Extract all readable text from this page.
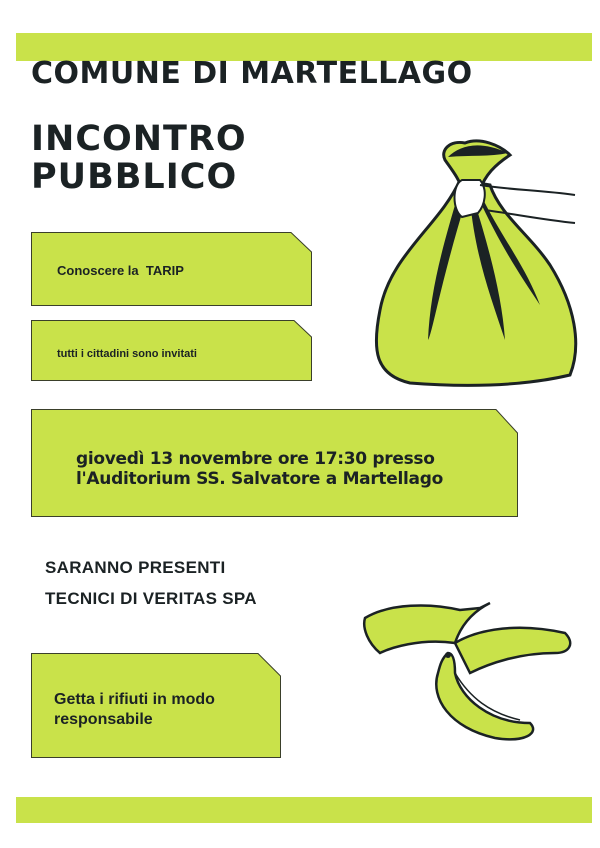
COMUNE DI MARTELLAGO
INCONTRO
PUBBLICO
Conoscere la  TARIP
tutti i cittadini sono invitati
giovedì 13 novembre ore 17:30 presso
l'Auditorium SS. Salvatore a Martellago
SARANNO PRESENTI
TECNICI DI VERITAS SPA
Getta i rifiuti in modo
responsabile
